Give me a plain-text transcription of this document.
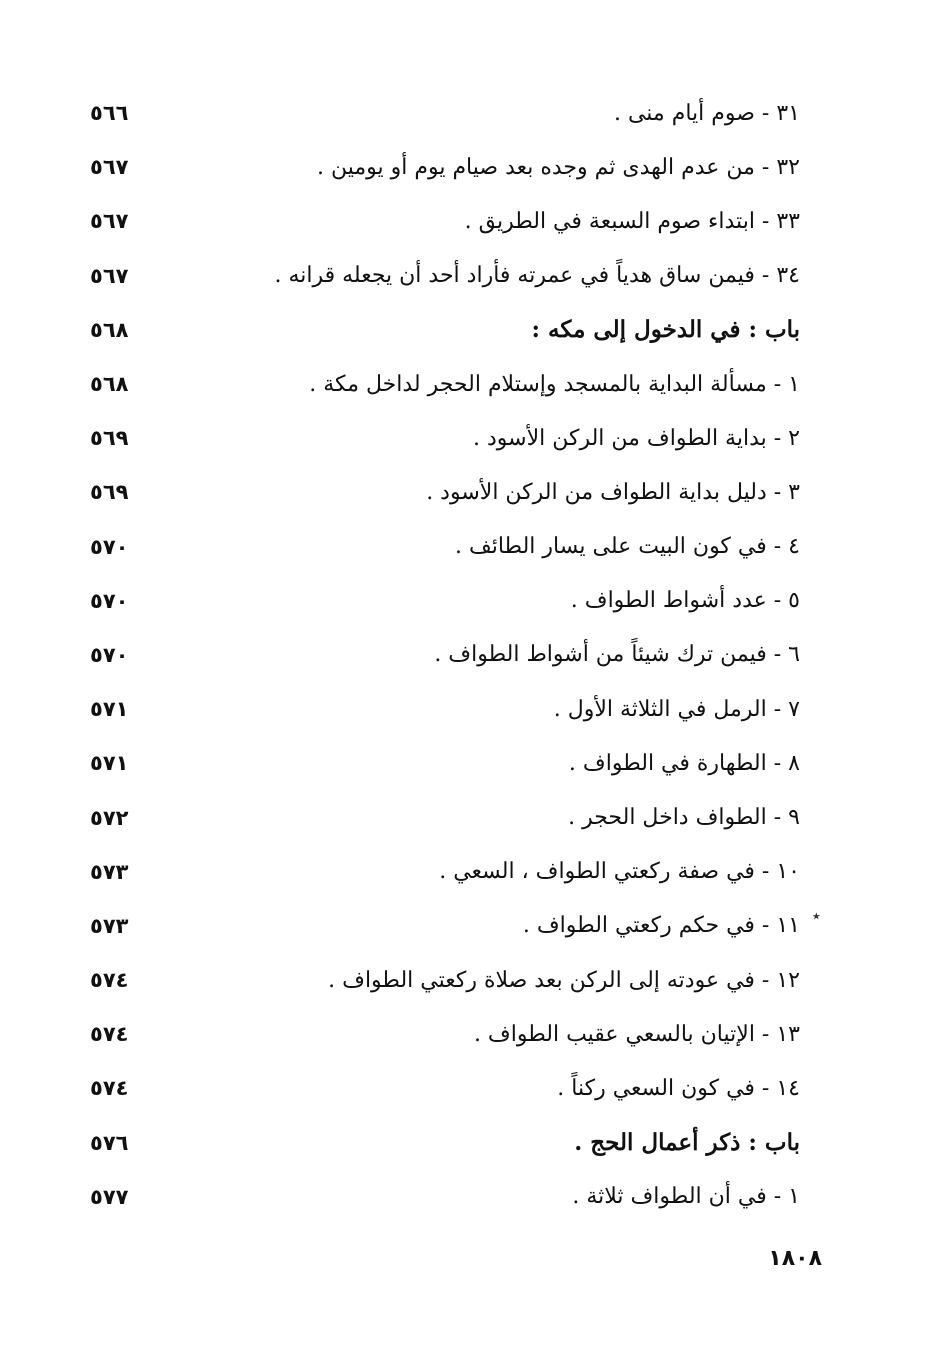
٥٦٦	٣١ - صوم أيام منى .
٥٦٧	٣٢ - من عدم الهدى ثم وجده بعد صيام يوم أو يومين .
٥٦٧	٣٣ - ابتداء صوم السبعة في الطريق .
٥٦٧	٣٤ - فيمن ساق هدياً في عمرته فأراد أحد أن يجعله قرانه .
٥٦٨	باب : في الدخول إلى مكه :
٥٦٨	١ - مسألة البداية بالمسجد وإستلام الحجر لداخل مكة .
٥٦٩	٢ - بداية الطواف من الركن الأسود .
٥٦٩	٣ - دليل بداية الطواف من الركن الأسود .
٥٧٠	٤ - في كون البيت على يسار الطائف .
٥٧٠	٥ - عدد أشواط الطواف .
٥٧٠	٦ - فيمن ترك شيئاً من أشواط الطواف .
٥٧١	٧ - الرمل في الثلاثة الأول .
٥٧١	٨ - الطهارة في الطواف .
٥٧٢	٩ - الطواف داخل الحجر .
٥٧٣	١٠ - في صفة ركعتي الطواف ، السعي .
٥٧٣	١١ - في حكم ركعتي الطواف .
٥٧٤	١٢ - في عودته إلى الركن بعد صلاة ركعتي الطواف .
٥٧٤	١٣ - الإتيان بالسعي عقيب الطواف .
٥٧٤	١٤ - في كون السعي ركناً .
٥٧٦	باب : ذكر أعمال الحج .
٥٧٧	١ - في أن الطواف ثلاثة .
٭
١٨٠٨
